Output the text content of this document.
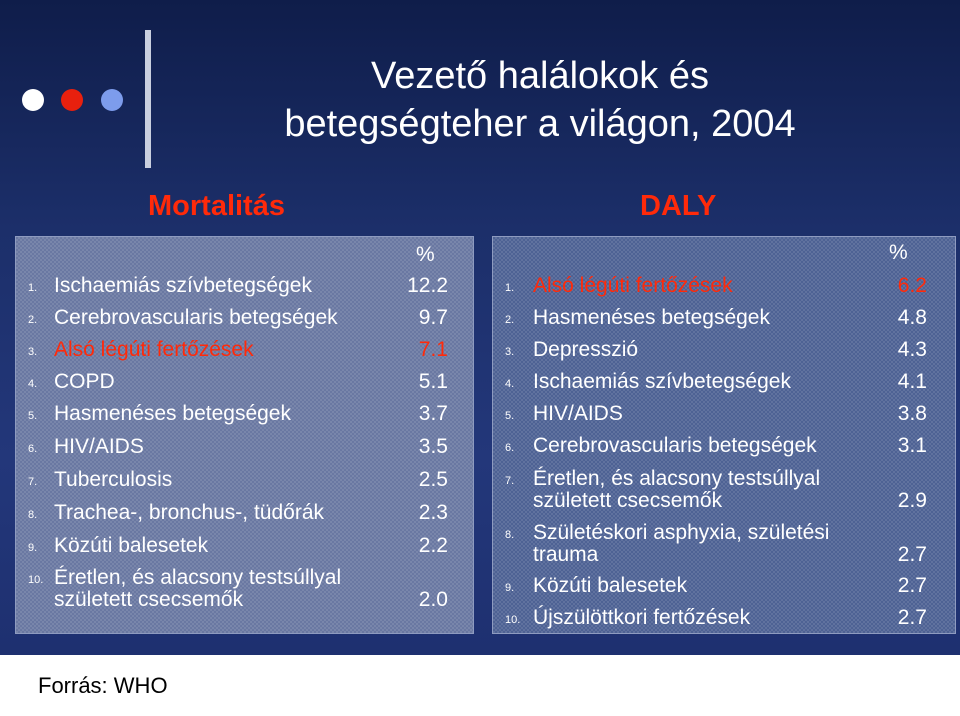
Vezető halálokok és
betegségteher a világon, 2004
Mortalitás	DALY
%
1. Ischaemiás szívbetegségek	12.2
2. Cerebrovascularis betegségek	9.7
3. Alsó légúti fertőzések	7.1
4. COPD	5.1
5. Hasmenéses betegségek	3.7
6. HIV/AIDS	3.5
7. Tuberculosis	2.5
8. Trachea-, bronchus-, tüdőrák	2.3
9. Közúti balesetek	2.2
10. Éretlen, és alacsony testsúllyal
született csecsemők	2.0
%
1. Alsó légúti fertőzések	6.2
2. Hasmenéses betegségek	4.8
3. Depresszió	4.3
4. Ischaemiás szívbetegségek	4.1
5. HIV/AIDS	3.8
6. Cerebrovascularis betegségek	3.1
7. Éretlen, és alacsony testsúllyal
született csecsemők	2.9
8. Születéskori asphyxia, születési
trauma	2.7
9. Közúti balesetek	2.7
10. Újszülöttkori fertőzések	2.7
Forrás: WHO
